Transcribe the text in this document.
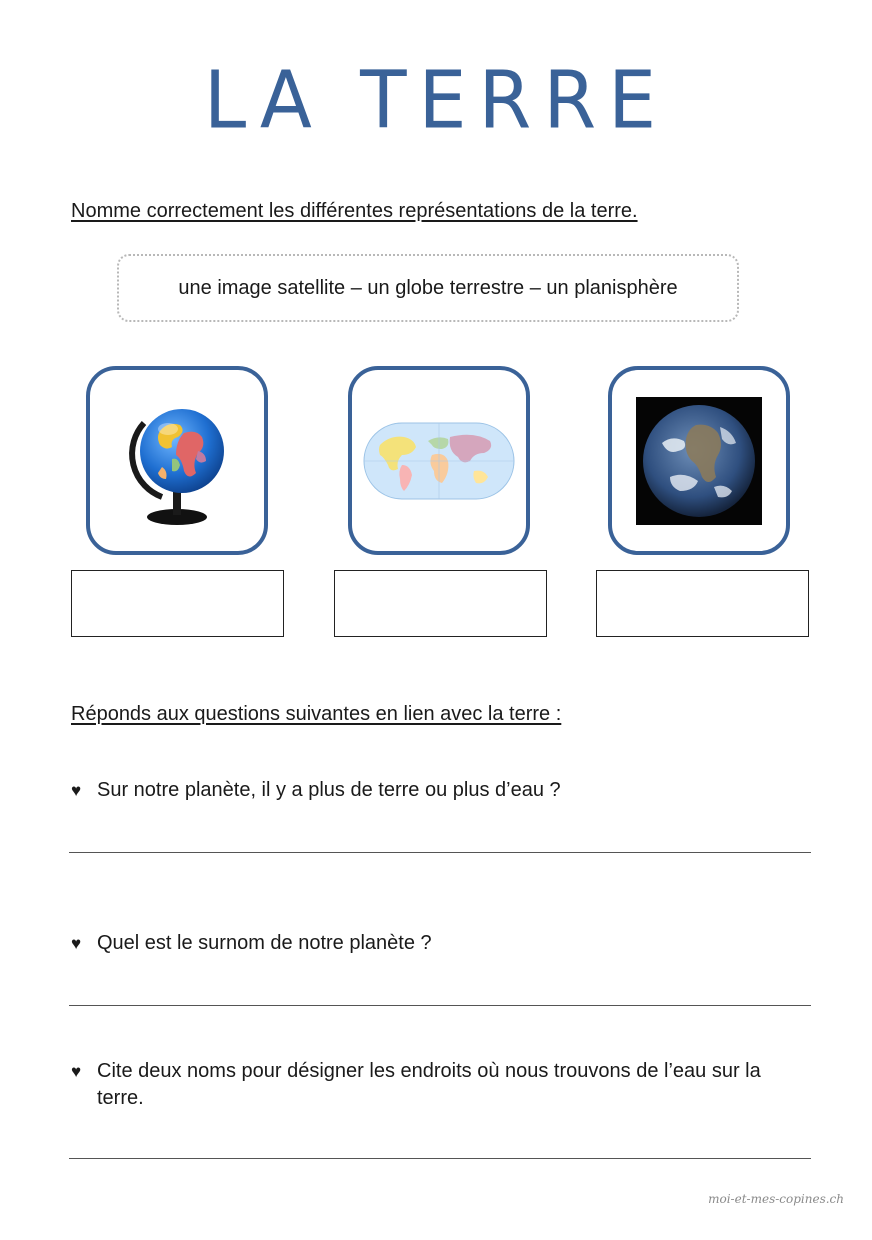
LA TERRE

Nomme correctement les différentes représentations de la terre.

une image satellite – un globe terrestre – un planisphère

Réponds aux questions suivantes en lien avec la terre :

♥ Sur notre planète, il y a plus de terre ou plus d’eau ?
♥ Quel est le surnom de notre planète ?
♥ Cite deux noms pour désigner les endroits où nous trouvons de l’eau sur la terre.
moi-et-mes-copines.ch
